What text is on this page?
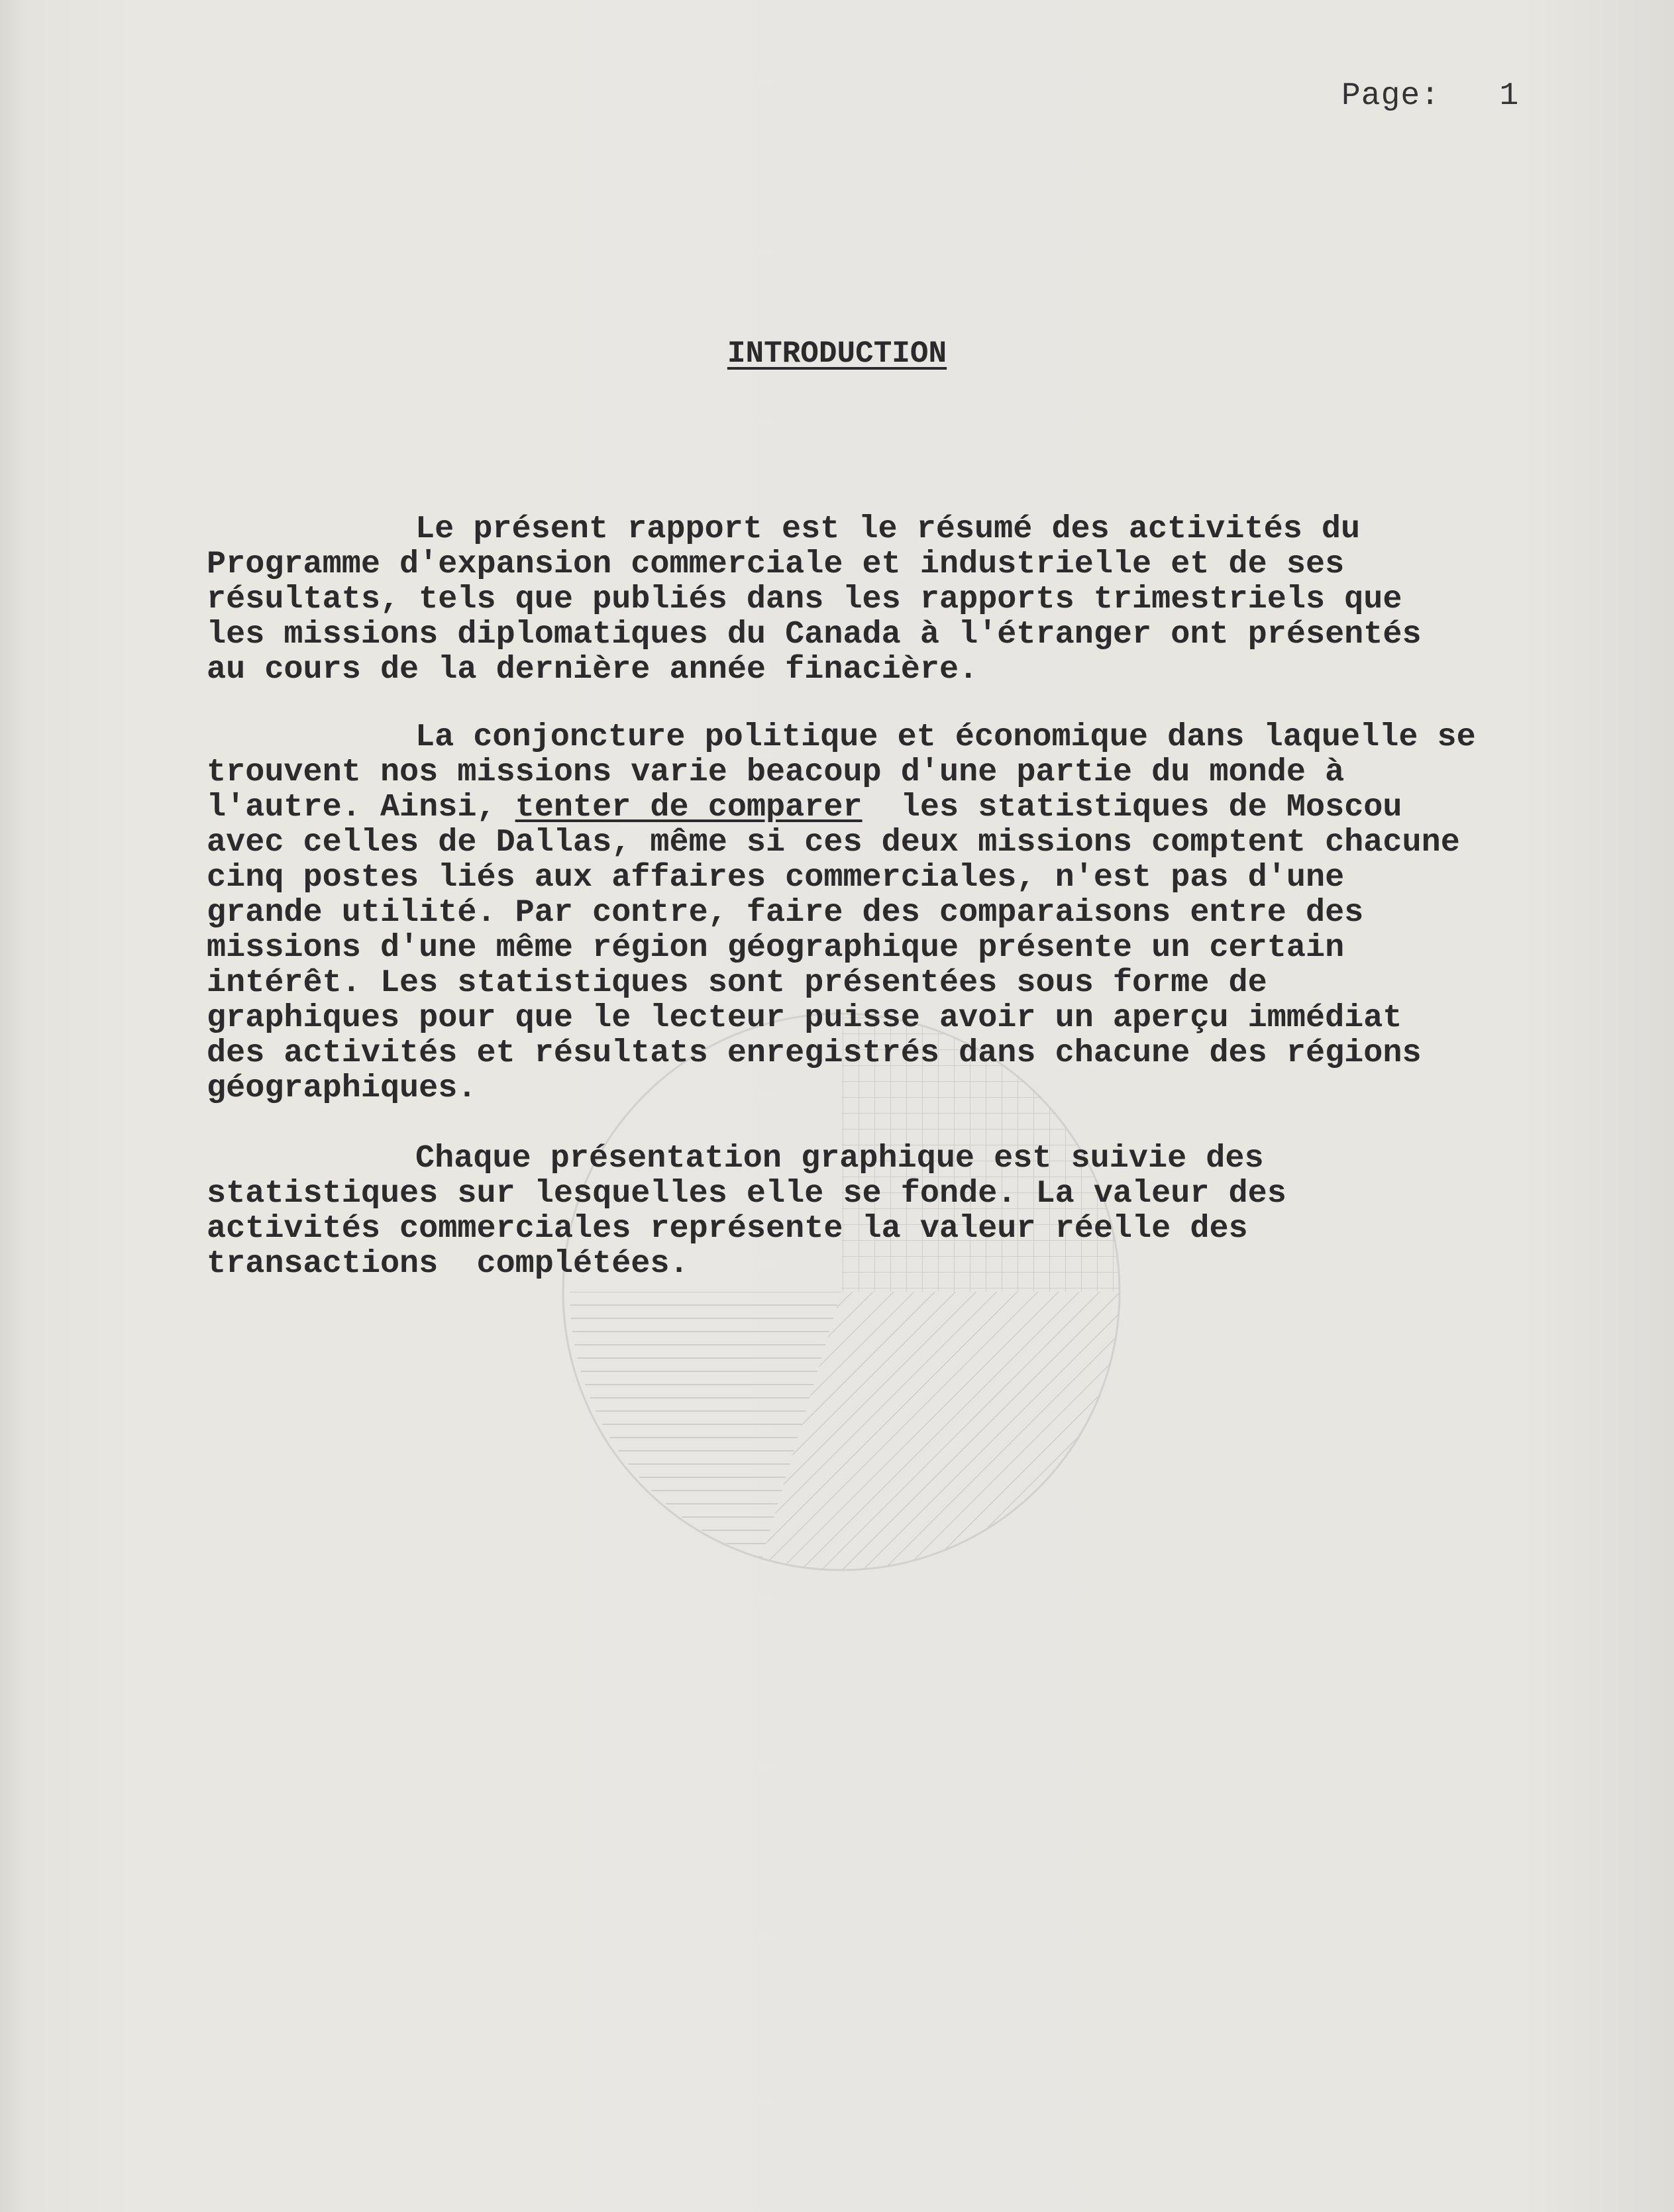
Page: 1
INTRODUCTION
Le présent rapport est le résumé des activités du
Programme d'expansion commerciale et industrielle et de ses
résultats, tels que publiés dans les rapports trimestriels que
les missions diplomatiques du Canada à l'étranger ont présentés
au cours de la dernière année finacière.
La conjoncture politique et économique dans laquelle se
trouvent nos missions varie beacoup d'une partie du monde à
l'autre. Ainsi, tenter de comparer  les statistiques de Moscou
avec celles de Dallas, même si ces deux missions comptent chacune
cinq postes liés aux affaires commerciales, n'est pas d'une
grande utilité. Par contre, faire des comparaisons entre des
missions d'une même région géographique présente un certain
intérêt. Les statistiques sont présentées sous forme de
graphiques pour que le lecteur puisse avoir un aperçu immédiat
des activités et résultats enregistrés dans chacune des régions
géographiques.
Chaque présentation graphique est suivie des
statistiques sur lesquelles elle se fonde. La valeur des
activités commerciales représente la valeur réelle des
transactions  complétées.
